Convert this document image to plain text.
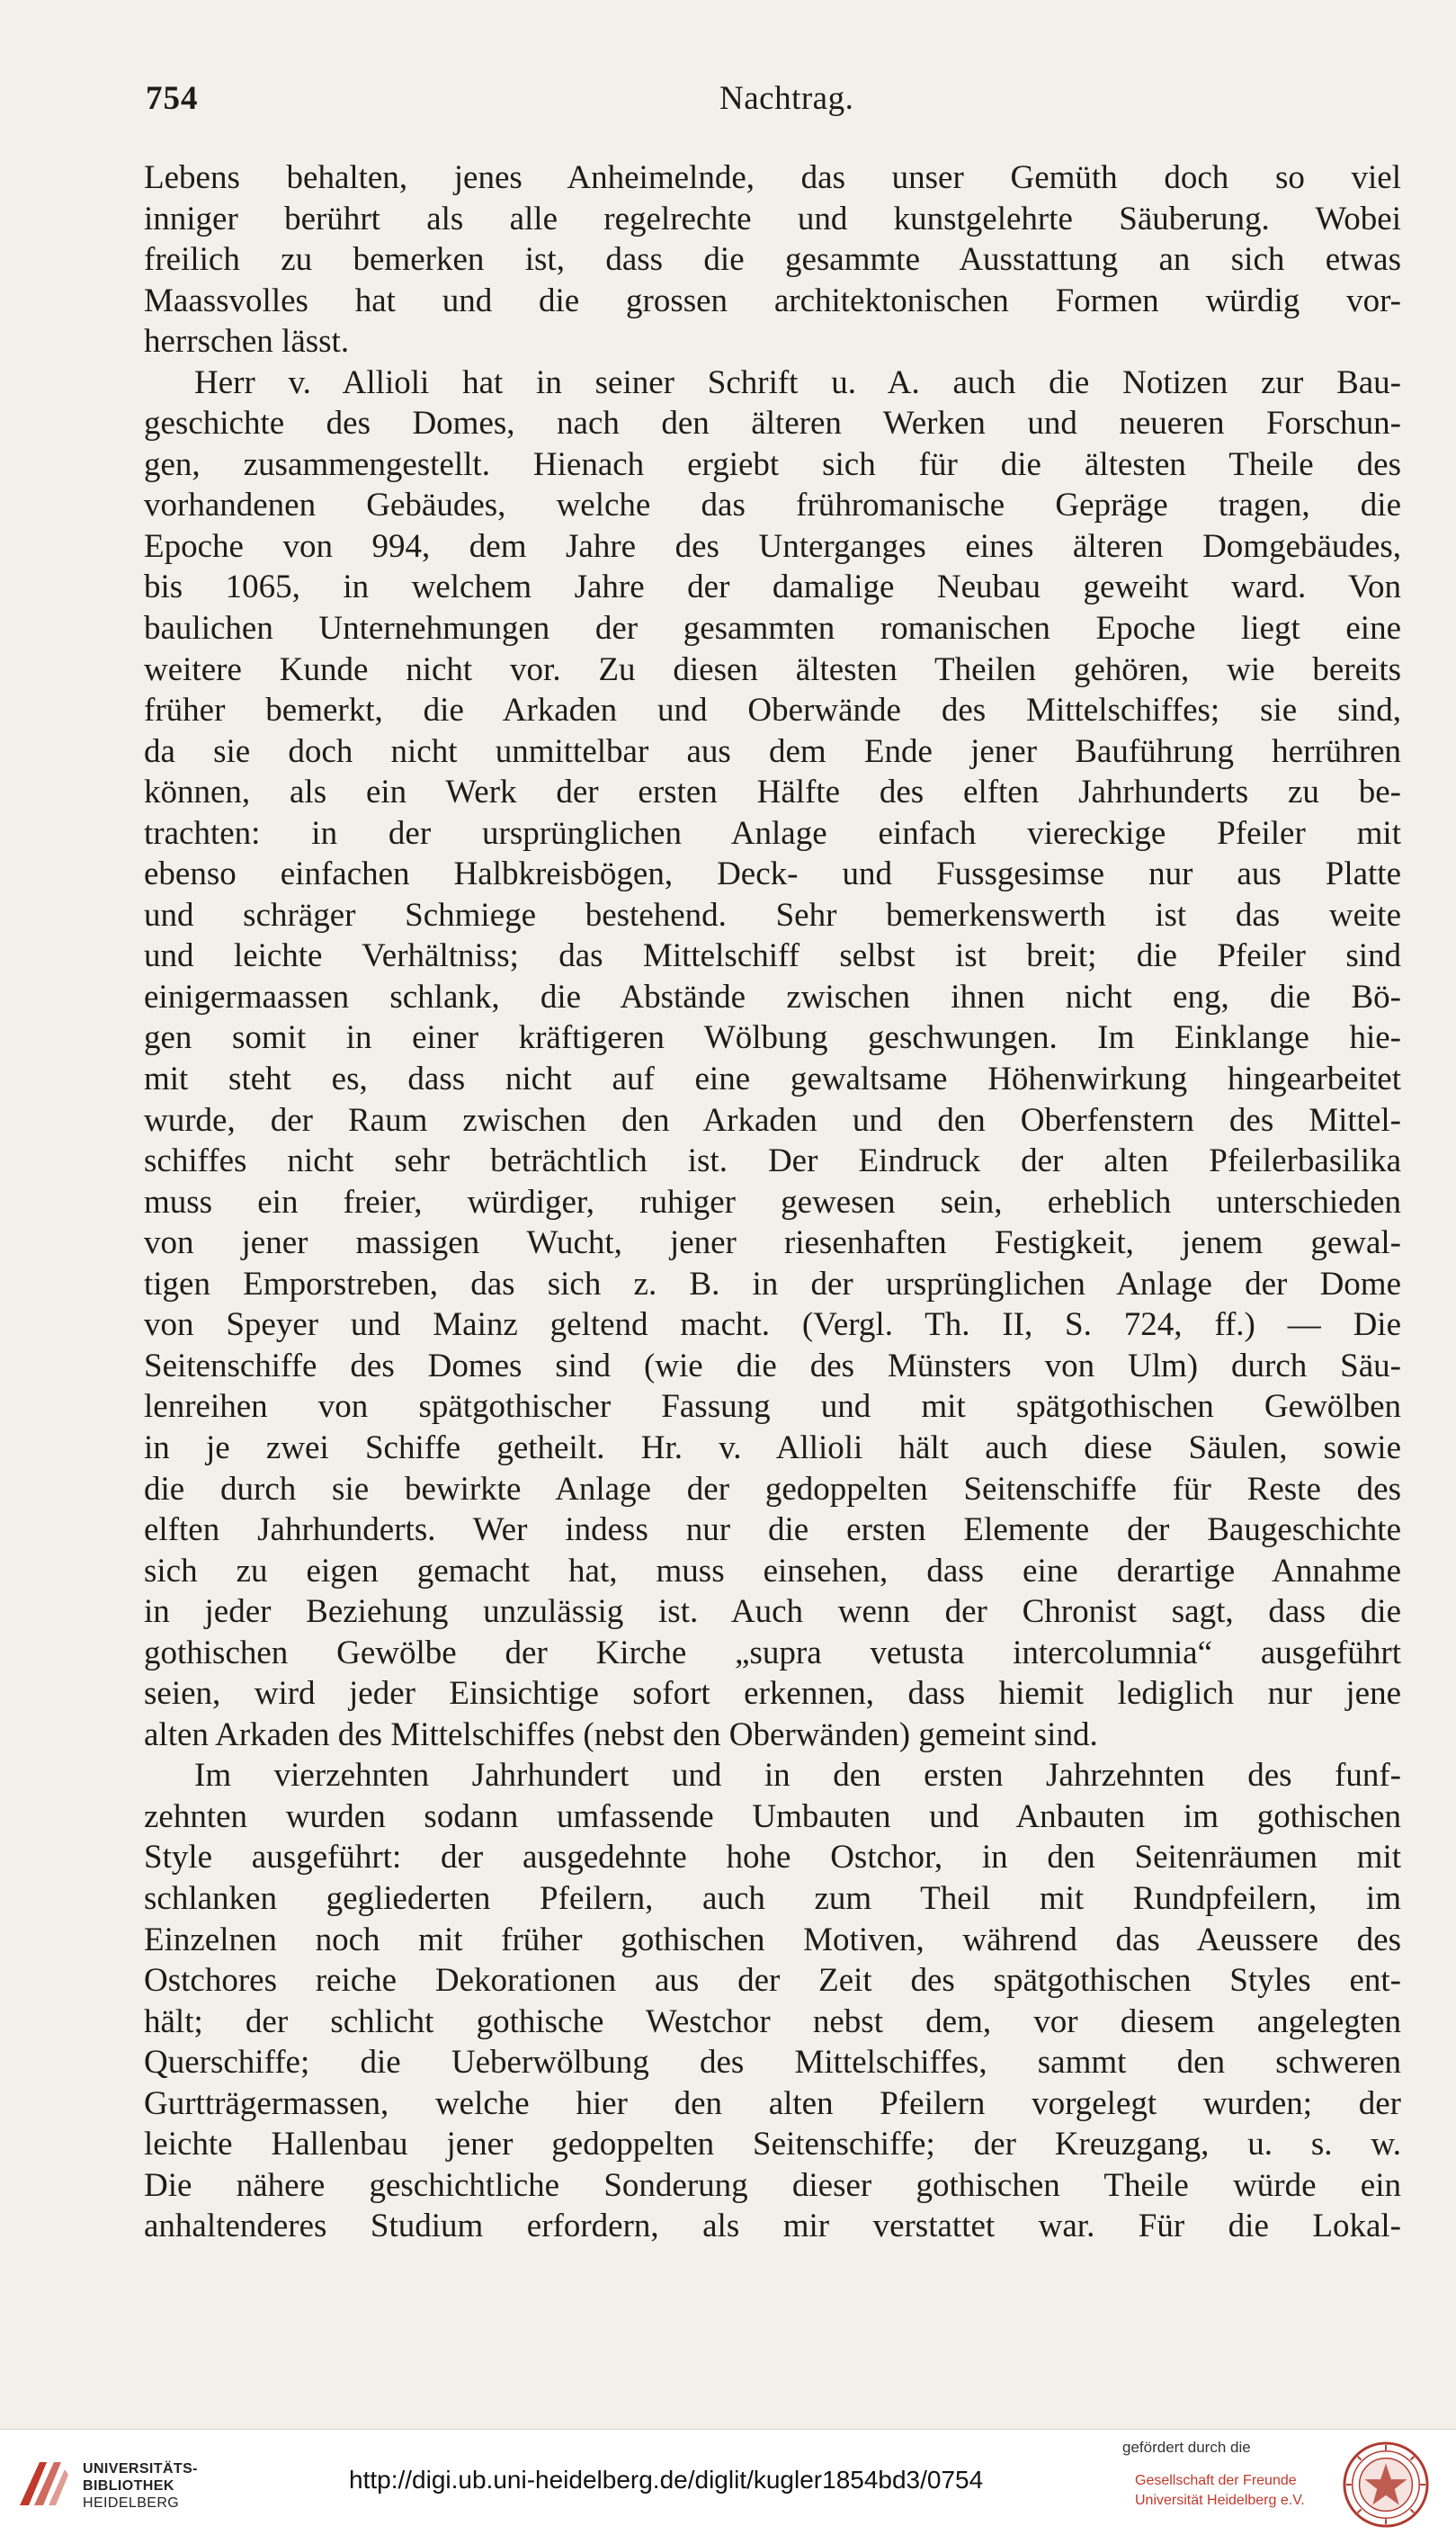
754	Nachtrag.
Lebens behalten, jenes Anheimelnde, das unser Gemüth doch so viel
inniger berührt als alle regelrechte und kunstgelehrte Säuberung. Wobei
freilich zu bemerken ist, dass die gesammte Ausstattung an sich etwas
Maassvolles hat und die grossen architektonischen Formen würdig vor-
herrschen lässt.
Herr v. Allioli hat in seiner Schrift u. A. auch die Notizen zur Bau-
geschichte des Domes, nach den älteren Werken und neueren Forschun-
gen, zusammengestellt. Hienach ergiebt sich für die ältesten Theile des
vorhandenen Gebäudes, welche das frühromanische Gepräge tragen, die
Epoche von 994, dem Jahre des Unterganges eines älteren Domgebäudes,
bis 1065, in welchem Jahre der damalige Neubau geweiht ward. Von
baulichen Unternehmungen der gesammten romanischen Epoche liegt eine
weitere Kunde nicht vor. Zu diesen ältesten Theilen gehören, wie bereits
früher bemerkt, die Arkaden und Oberwände des Mittelschiffes; sie sind,
da sie doch nicht unmittelbar aus dem Ende jener Bauführung herrühren
können, als ein Werk der ersten Hälfte des elften Jahrhunderts zu be-
trachten: in der ursprünglichen Anlage einfach viereckige Pfeiler mit
ebenso einfachen Halbkreisbögen, Deck- und Fussgesimse nur aus Platte
und schräger Schmiege bestehend. Sehr bemerkenswerth ist das weite
und leichte Verhältniss; das Mittelschiff selbst ist breit; die Pfeiler sind
einigermaassen schlank, die Abstände zwischen ihnen nicht eng, die Bö-
gen somit in einer kräftigeren Wölbung geschwungen. Im Einklange hie-
mit steht es, dass nicht auf eine gewaltsame Höhenwirkung hingearbeitet
wurde, der Raum zwischen den Arkaden und den Oberfenstern des Mittel-
schiffes nicht sehr beträchtlich ist. Der Eindruck der alten Pfeilerbasilika
muss ein freier, würdiger, ruhiger gewesen sein, erheblich unterschieden
von jener massigen Wucht, jener riesenhaften Festigkeit, jenem gewal-
tigen Emporstreben, das sich z. B. in der ursprünglichen Anlage der Dome
von Speyer und Mainz geltend macht. (Vergl. Th. II, S. 724, ff.) — Die
Seitenschiffe des Domes sind (wie die des Münsters von Ulm) durch Säu-
lenreihen von spätgothischer Fassung und mit spätgothischen Gewölben
in je zwei Schiffe getheilt. Hr. v. Allioli hält auch diese Säulen, sowie
die durch sie bewirkte Anlage der gedoppelten Seitenschiffe für Reste des
elften Jahrhunderts. Wer indess nur die ersten Elemente der Baugeschichte
sich zu eigen gemacht hat, muss einsehen, dass eine derartige Annahme
in jeder Beziehung unzulässig ist. Auch wenn der Chronist sagt, dass die
gothischen Gewölbe der Kirche „supra vetusta intercolumnia“ ausgeführt
seien, wird jeder Einsichtige sofort erkennen, dass hiemit lediglich nur jene
alten Arkaden des Mittelschiffes (nebst den Oberwänden) gemeint sind.
Im vierzehnten Jahrhundert und in den ersten Jahrzehnten des funf-
zehnten wurden sodann umfassende Umbauten und Anbauten im gothischen
Style ausgeführt: der ausgedehnte hohe Ostchor, in den Seitenräumen mit
schlanken gegliederten Pfeilern, auch zum Theil mit Rundpfeilern, im
Einzelnen noch mit früher gothischen Motiven, während das Aeussere des
Ostchores reiche Dekorationen aus der Zeit des spätgothischen Styles ent-
hält; der schlicht gothische Westchor nebst dem, vor diesem angelegten
Querschiffe; die Ueberwölbung des Mittelschiffes, sammt den schweren
Gurtträgermassen, welche hier den alten Pfeilern vorgelegt wurden; der
leichte Hallenbau jener gedoppelten Seitenschiffe; der Kreuzgang, u. s. w.
Die nähere geschichtliche Sonderung dieser gothischen Theile würde ein
anhaltenderes Studium erfordern, als mir verstattet war. Für die Lokal-
UNIVERSITÄTS-
BIBLIOTHEK
HEIDELBERG
http://digi.ub.uni-heidelberg.de/diglit/kugler1854bd3/0754
gefördert durch die
Gesellschaft der Freunde
Universität Heidelberg e.V.
